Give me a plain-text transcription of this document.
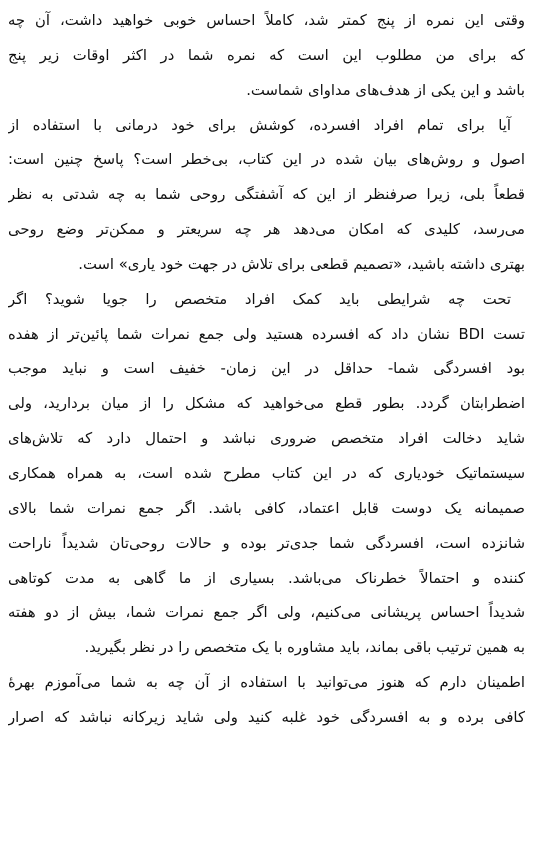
وقتی این نمره از پنج کمتر شد، کاملاً احساس خوبی خواهید داشت، آن چه
که برای من مطلوب این است که نمره شما در اکثر اوقات زیر پنج
باشد و این یکی از هدف‌های مداوای شماست.
آیا برای تمام افراد افسرده، کوشش برای خود درمانی با استفاده از
اصول و روش‌های بیان شده در این کتاب، بی‌خطر است؟ پاسخ چنین است:
قطعاً بلی، زیرا صرفنظر از این که آشفتگی روحی شما به چه شدتی به نظر
می‌رسد، کلیدی که امکان می‌دهد هر چه سریعتر و ممکن‌تر وضع روحی
بهتری داشته باشید، «تصمیم قطعی برای تلاش در جهت خود یاری» است.
تحت چه شرایطی باید کمک افراد متخصص را جویا شوید؟ اگر
تست BDI نشان داد که افسرده هستید ولی جمع نمرات شما پائین‌تر از هفده
بود افسردگی شما- حداقل در این زمان- خفیف است و نباید موجب
اضطرابتان گردد. بطور قطع می‌خواهید که مشکل را از میان بردارید، ولی
شاید دخالت افراد متخصص ضروری نباشد و احتمال دارد که تلاش‌های
سیستماتیک خودیاری که در این کتاب مطرح شده است، به همراه همکاری
صمیمانه یک دوست قابل اعتماد، کافی باشد. اگر جمع نمرات شما بالای
شانزده است، افسردگی شما جدی‌تر بوده و حالات روحی‌تان شدیداً ناراحت
کننده و احتمالاً خطرناک می‌باشد. بسیاری از ما گاهی به مدت کوتاهی
شدیداً احساس پریشانی می‌کنیم، ولی اگر جمع نمرات شما، بیش از دو هفته
به همین ترتیب باقی بماند، باید مشاوره با یک متخصص را در نظر بگیرید.
اطمینان دارم که هنوز می‌توانید با استفاده از آن چه به شما می‌آموزم بهرهٔ
کافی برده و به افسردگی خود غلبه کنید ولی شاید زیرکانه نباشد که اصرار
